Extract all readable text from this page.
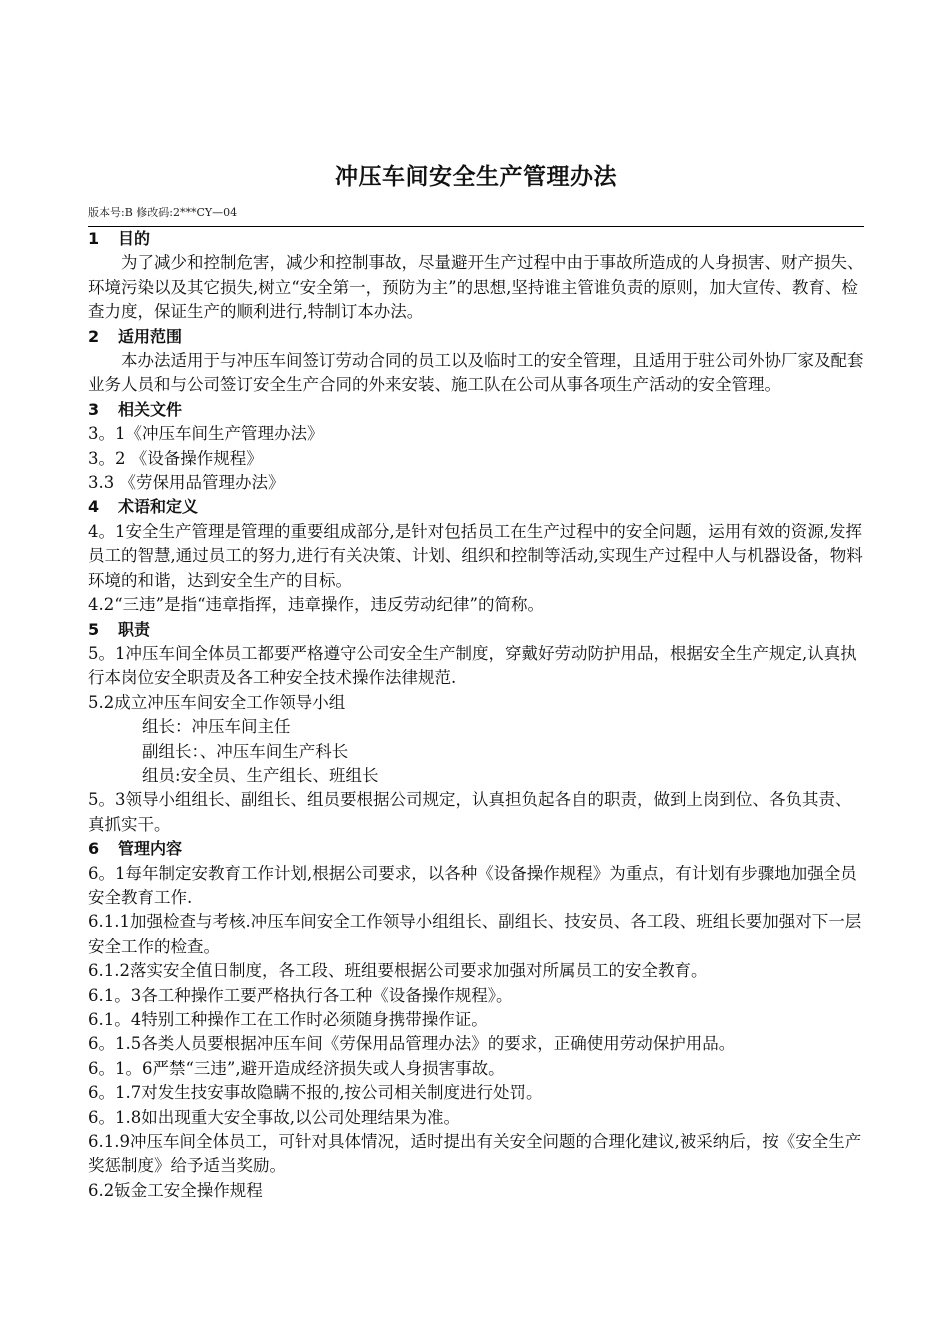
冲压车间安全生产管理办法
版本号:B 修改码:2***CY—04

1 目的

为了减少和控制危害，减少和控制事故，尽量避开生产过程中由于事故所造成的人身损害、财产损失、环境污染以及其它损失,树立“安全第一，预防为主”的思想,坚持谁主管谁负责的原则，加大宣传、教育、检查力度，保证生产的顺利进行,特制订本办法。

2 适用范围

本办法适用于与冲压车间签订劳动合同的员工以及临时工的安全管理，且适用于驻公司外协厂家及配套业务人员和与公司签订安全生产合同的外来安装、施工队在公司从事各项生产活动的安全管理。

3 相关文件

3。1《冲压车间生产管理办法》

3。2 《设备操作规程》

3.3 《劳保用品管理办法》

4 术语和定义

4。1安全生产管理是管理的重要组成部分,是针对包括员工在生产过程中的安全问题，运用有效的资源,发挥员工的智慧,通过员工的努力,进行有关决策、计划、组织和控制等活动,实现生产过程中人与机器设备，物料环境的和谐，达到安全生产的目标。

4.2“三违”是指“违章指挥，违章操作，违反劳动纪律”的简称。

5 职责

5。1冲压车间全体员工都要严格遵守公司安全生产制度，穿戴好劳动防护用品，根据安全生产规定,认真执行本岗位安全职责及各工种安全技术操作法律规范.

5.2成立冲压车间安全工作领导小组

组长：冲压车间主任

副组长：、冲压车间生产科长

组员:安全员、生产组长、班组长

5。3领导小组组长、副组长、组员要根据公司规定，认真担负起各自的职责，做到上岗到位、各负其责、真抓实干。

6 管理内容

6。1每年制定安教育工作计划,根据公司要求，以各种《设备操作规程》为重点，有计划有步骤地加强全员安全教育工作.

6.1.1加强检查与考核.冲压车间安全工作领导小组组长、副组长、技安员、各工段、班组长要加强对下一层安全工作的检查。

6.1.2落实安全值日制度，各工段、班组要根据公司要求加强对所属员工的安全教育。

6.1。3各工种操作工要严格执行各工种《设备操作规程》。

6.1。4特别工种操作工在工作时必须随身携带操作证。

6。1.5各类人员要根据冲压车间《劳保用品管理办法》的要求，正确使用劳动保护用品。

6。1。6严禁“三违”,避开造成经济损失或人身损害事故。

6。1.7对发生技安事故隐瞒不报的,按公司相关制度进行处罚。

6。1.8如出现重大安全事故,以公司处理结果为准。

6.1.9冲压车间全体员工，可针对具体情况，适时提出有关安全问题的合理化建议,被采纳后，按《安全生产奖惩制度》给予适当奖励。

6.2钣金工安全操作规程
